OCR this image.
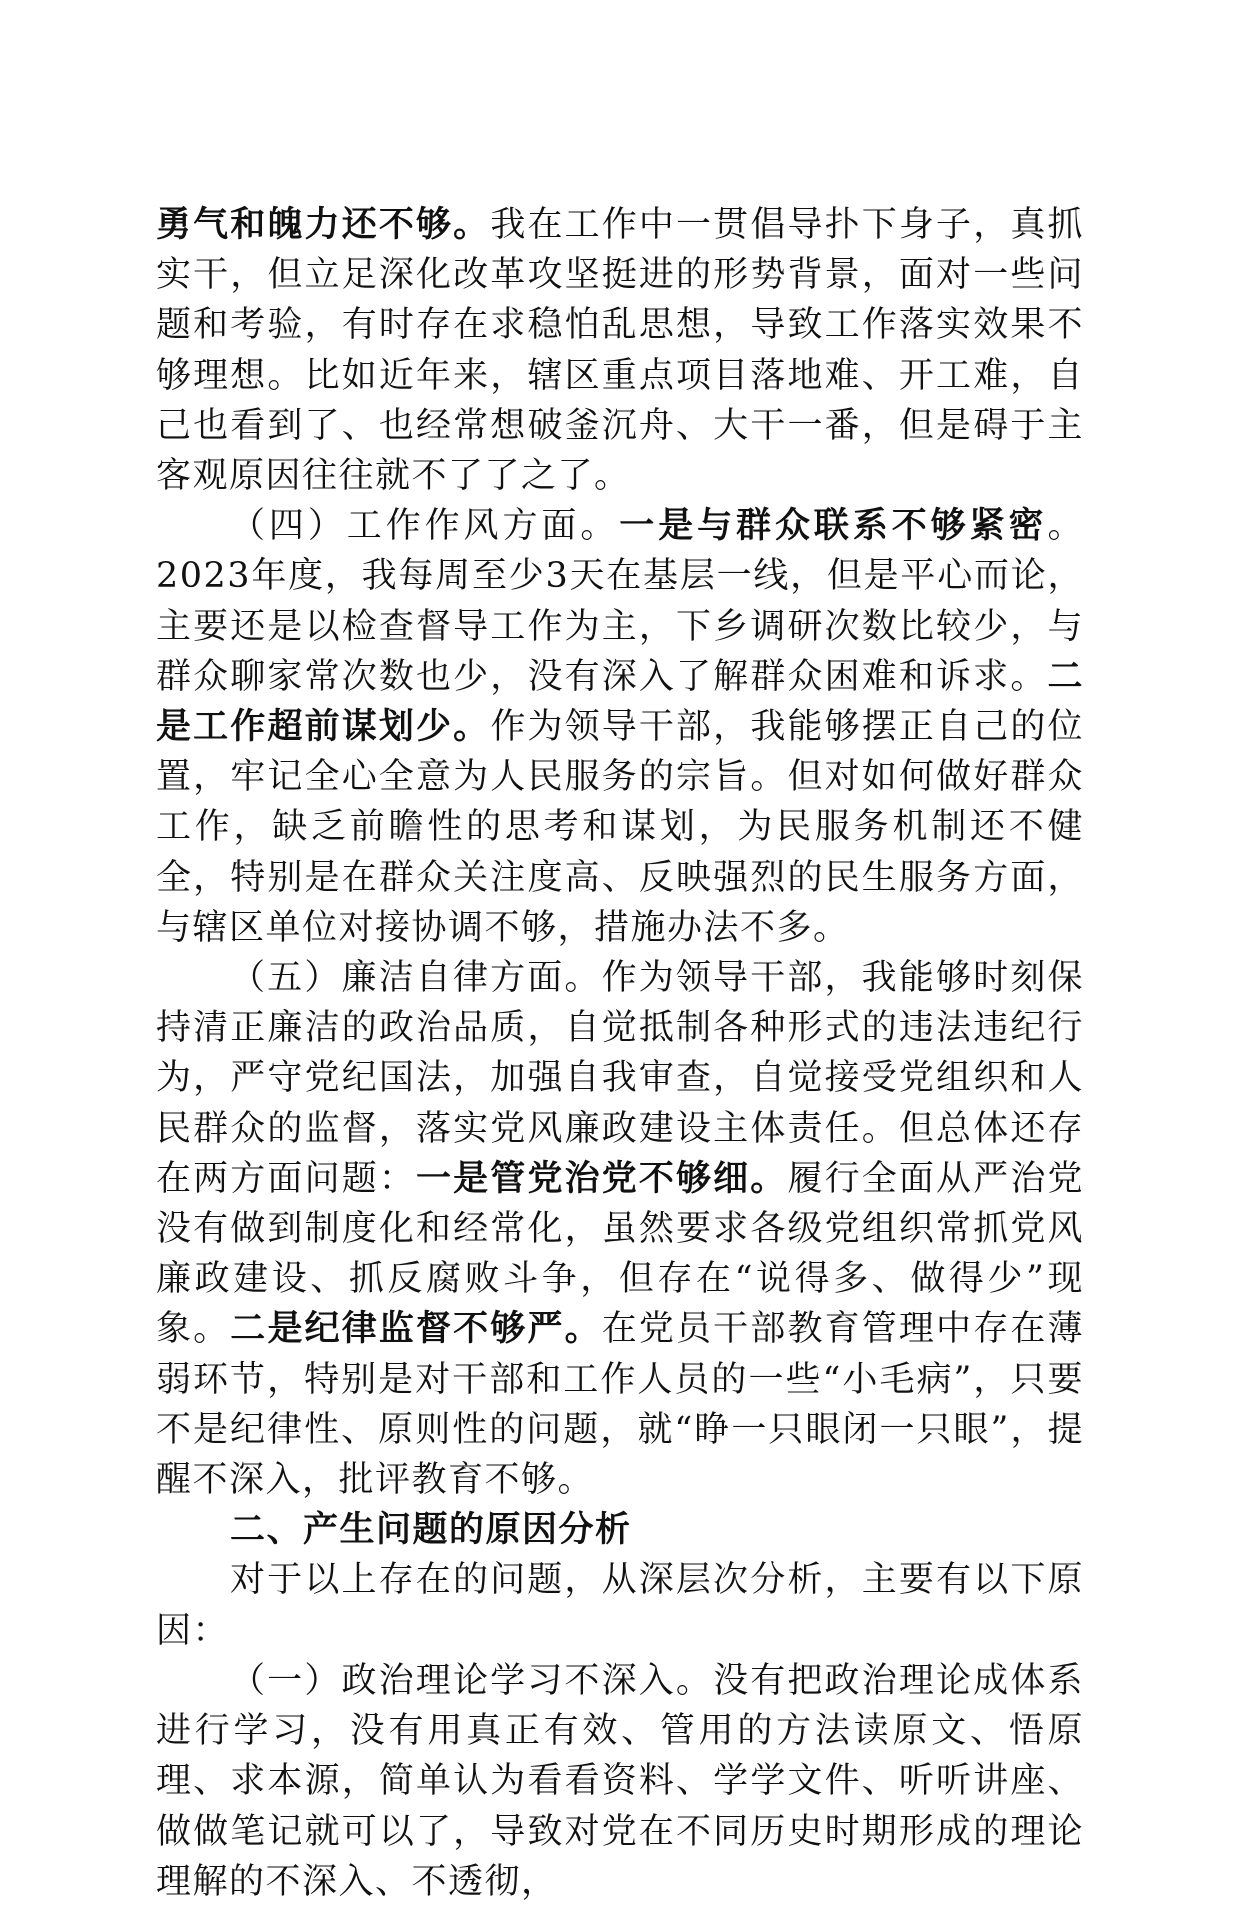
勇气和魄力还不够。我在工作中一贯倡导扑下身子，真抓实干，但立足深化改革攻坚挺进的形势背景，面对一些问题和考验，有时存在求稳怕乱思想，导致工作落实效果不够理想。比如近年来，辖区重点项目落地难、开工难，自己也看到了、也经常想破釜沉舟、大干一番，但是碍于主客观原因往往就不了了之了。

（四）工作作风方面。一是与群众联系不够紧密。2023年度，我每周至少3天在基层一线，但是平心而论，主要还是以检查督导工作为主，下乡调研次数比较少，与群众聊家常次数也少，没有深入了解群众困难和诉求。二是工作超前谋划少。作为领导干部，我能够摆正自己的位置，牢记全心全意为人民服务的宗旨。但对如何做好群众工作，缺乏前瞻性的思考和谋划，为民服务机制还不健全，特别是在群众关注度高、反映强烈的民生服务方面，与辖区单位对接协调不够，措施办法不多。

（五）廉洁自律方面。作为领导干部，我能够时刻保持清正廉洁的政治品质，自觉抵制各种形式的违法违纪行为，严守党纪国法，加强自我审查，自觉接受党组织和人民群众的监督，落实党风廉政建设主体责任。但总体还存在两方面问题：一是管党治党不够细。履行全面从严治党没有做到制度化和经常化，虽然要求各级党组织常抓党风廉政建设、抓反腐败斗争，但存在“说得多、做得少”现象。二是纪律监督不够严。在党员干部教育管理中存在薄弱环节，特别是对干部和工作人员的一些“小毛病”，只要不是纪律性、原则性的问题，就“睁一只眼闭一只眼”，提醒不深入，批评教育不够。

二、产生问题的原因分析

对于以上存在的问题，从深层次分析，主要有以下原因：

（一）政治理论学习不深入。没有把政治理论成体系进行学习，没有用真正有效、管用的方法读原文、悟原理、求本源，简单认为看看资料、学学文件、听听讲座、做做笔记就可以了，导致对党在不同历史时期形成的理论理解的不深入、不透彻，
